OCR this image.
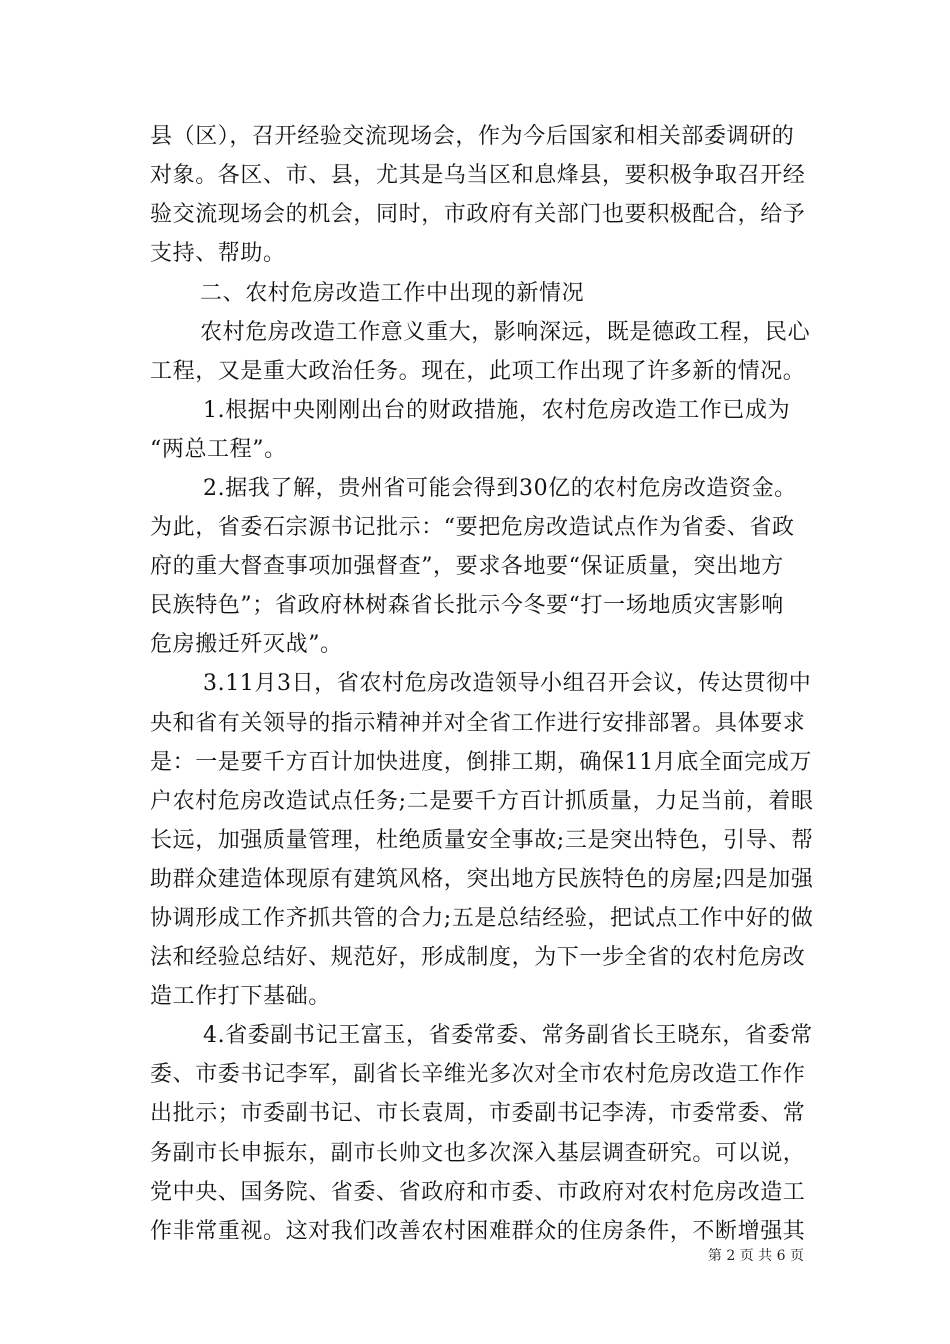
县（区），召开经验交流现场会，作为今后国家和相关部委调研的
对象。各区、市、县，尤其是乌当区和息烽县，要积极争取召开经
验交流现场会的机会，同时，市政府有关部门也要积极配合，给予
支持、帮助。
二、农村危房改造工作中出现的新情况
农村危房改造工作意义重大，影响深远，既是德政工程，民心
工程，又是重大政治任务。现在，此项工作出现了许多新的情况。
1.根据中央刚刚出台的财政措施，农村危房改造工作已成为
“两总工程”。
2.据我了解，贵州省可能会得到30亿的农村危房改造资金。
为此，省委石宗源书记批示：“要把危房改造试点作为省委、省政
府的重大督查事项加强督查”，要求各地要“保证质量，突出地方
民族特色”；省政府林树森省长批示今冬要“打一场地质灾害影响
危房搬迁歼灭战”。
3.11月3日，省农村危房改造领导小组召开会议，传达贯彻中
央和省有关领导的指示精神并对全省工作进行安排部署。具体要求
是：一是要千方百计加快进度，倒排工期，确保11月底全面完成万
户农村危房改造试点任务;二是要千方百计抓质量，力足当前，着眼
长远，加强质量管理，杜绝质量安全事故;三是突出特色，引导、帮
助群众建造体现原有建筑风格，突出地方民族特色的房屋;四是加强
协调形成工作齐抓共管的合力;五是总结经验，把试点工作中好的做
法和经验总结好、规范好，形成制度，为下一步全省的农村危房改
造工作打下基础。
4.省委副书记王富玉，省委常委、常务副省长王晓东，省委常
委、市委书记李军，副省长辛维光多次对全市农村危房改造工作作
出批示；市委副书记、市长袁周，市委副书记李涛，市委常委、常
务副市长申振东，副市长帅文也多次深入基层调查研究。可以说，
党中央、国务院、省委、省政府和市委、市政府对农村危房改造工
作非常重视。这对我们改善农村困难群众的住房条件，不断增强其
第 2 页 共 6 页
